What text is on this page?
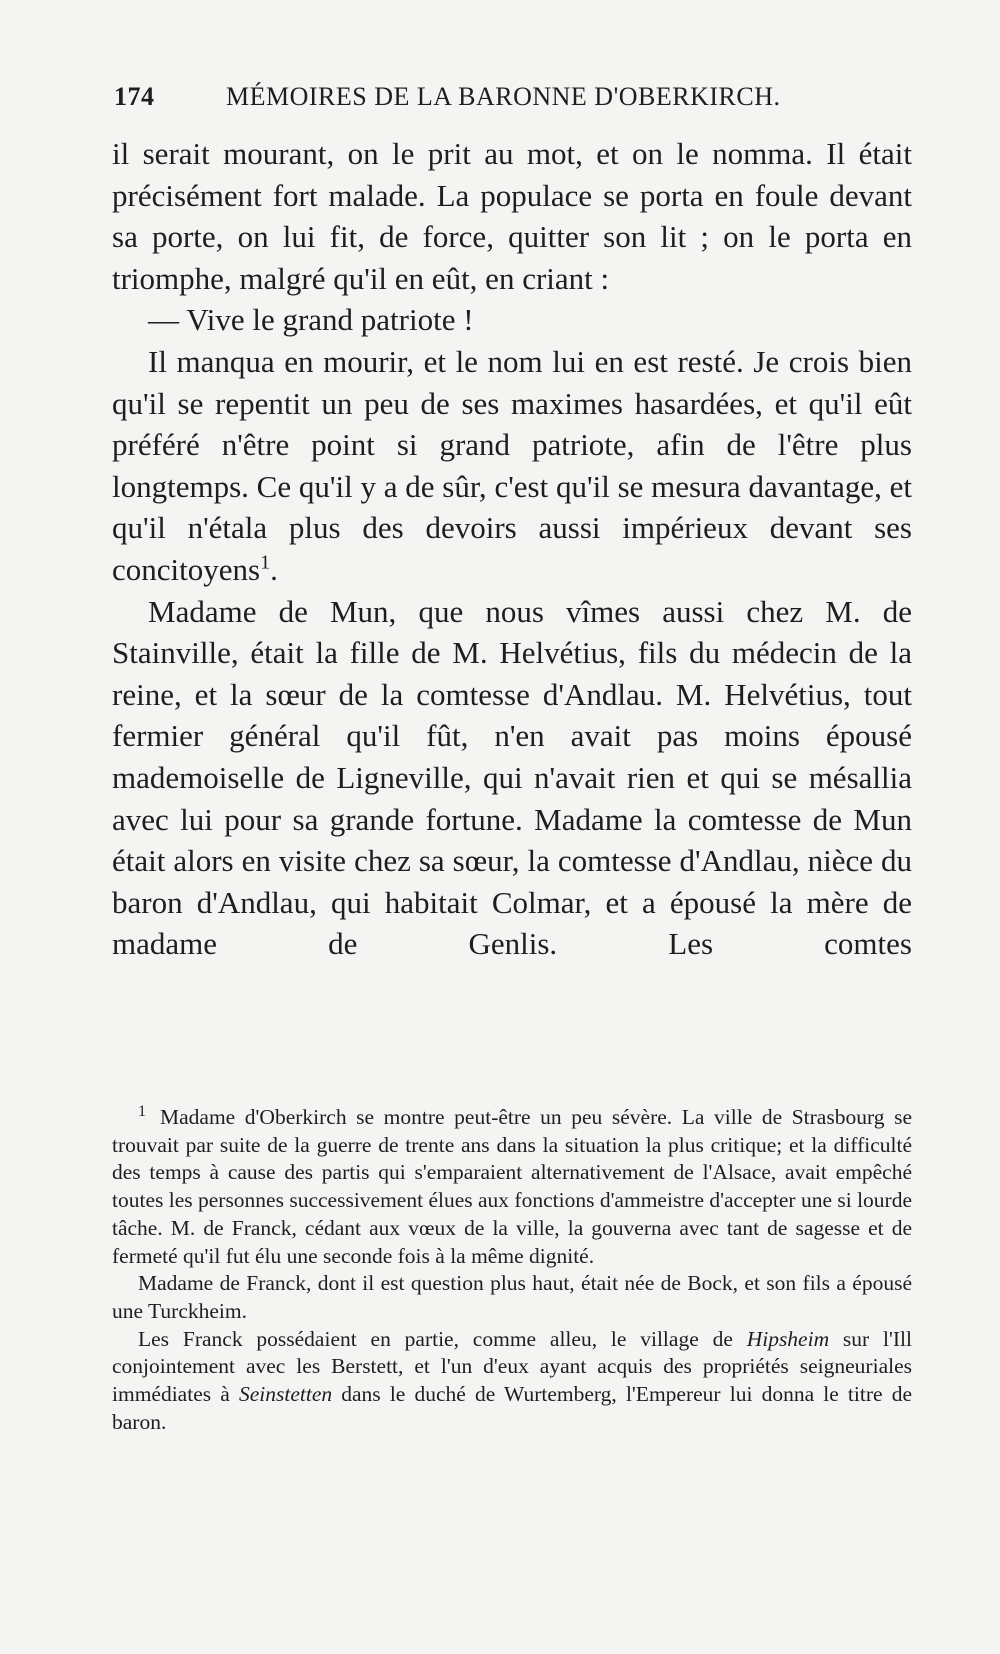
174	MÉMOIRES DE LA BARONNE D'OBERKIRCH.

il serait mourant, on le prit au mot, et on le nomma. Il était précisément fort malade. La populace se porta en foule devant sa porte, on lui fit, de force, quitter son lit ; on le porta en triomphe, malgré qu'il en eût, en criant :

— Vive le grand patriote !

Il manqua en mourir, et le nom lui en est resté. Je crois bien qu'il se repentit un peu de ses maximes hasardées, et qu'il eût préféré n'être point si grand patriote, afin de l'être plus longtemps. Ce qu'il y a de sûr, c'est qu'il se mesura davantage, et qu'il n'étala plus des devoirs aussi impérieux devant ses concitoyens$^1$.

Madame de Mun, que nous vîmes aussi chez M. de Stainville, était la fille de M. Helvétius, fils du médecin de la reine, et la sœur de la comtesse d'Andlau. M. Helvétius, tout fermier général qu'il fût, n'en avait pas moins épousé mademoiselle de Ligneville, qui n'avait rien et qui se mésallia avec lui pour sa grande fortune. Madame la comtesse de Mun était alors en visite chez sa sœur, la comtesse d'Andlau, nièce du baron d'Andlau, qui habitait Colmar, et a épousé la mère de madame de Genlis. Les comtes

$^1$ Madame d'Oberkirch se montre peut-être un peu sévère. La ville de Strasbourg se trouvait par suite de la guerre de trente ans dans la situation la plus critique; et la difficulté des temps à cause des partis qui s'emparaient alternativement de l'Alsace, avait empêché toutes les personnes successivement élues aux fonctions d'ammeistre d'accepter une si lourde tâche. M. de Franck, cédant aux vœux de la ville, la gouverna avec tant de sagesse et de fermeté qu'il fut élu une seconde fois à la même dignité.

Madame de Franck, dont il est question plus haut, était née de Bock, et son fils a épousé une Turckheim.

Les Franck possédaient en partie, comme alleu, le village de Hipsheim sur l'Ill conjointement avec les Berstett, et l'un d'eux ayant acquis des propriétés seigneuriales immédiates à Seinstetten dans le duché de Wurtemberg, l'Empereur lui donna le titre de baron.
